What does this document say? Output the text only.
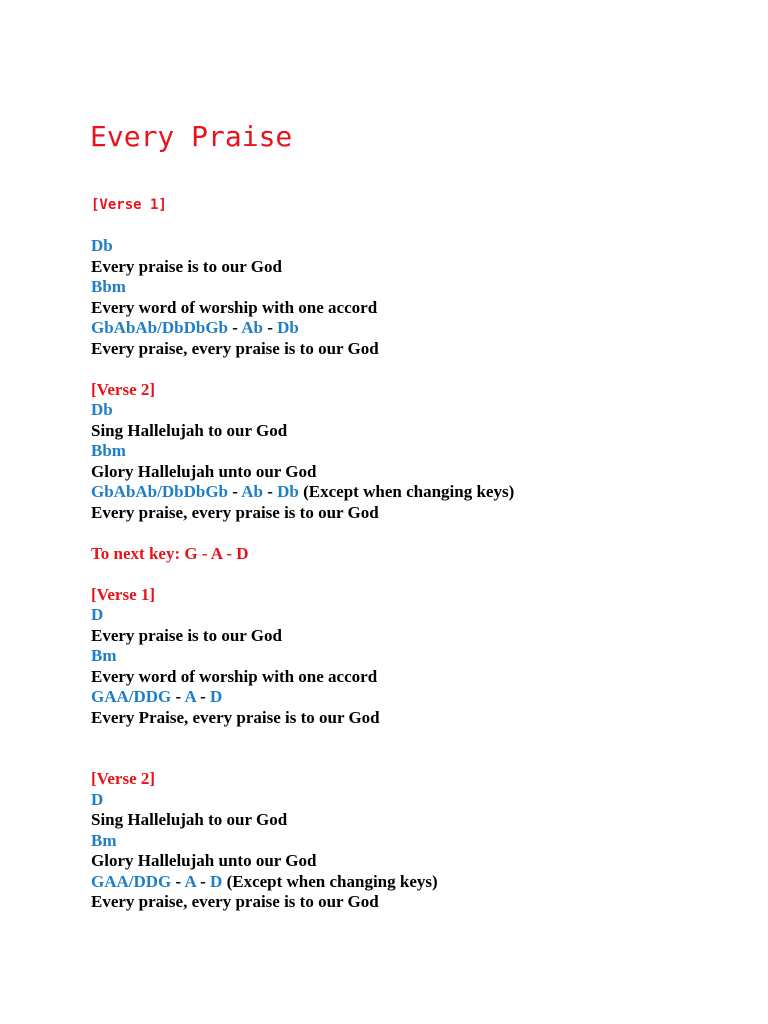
Every Praise
[Verse 1]
Db
Every praise is to our God
Bbm
Every word of worship with one accord
GbAbAb/DbDbGb - Ab - Db
Every praise, every praise is to our God
[Verse 2]
Db
Sing Hallelujah to our God
Bbm
Glory Hallelujah unto our God
GbAbAb/DbDbGb - Ab - Db (Except when changing keys)
Every praise, every praise is to our God
To next key: G - A - D
[Verse 1]
D
Every praise is to our God
Bm
Every word of worship with one accord
GAA/DDG - A - D
Every Praise, every praise is to our God
[Verse 2]
D
Sing Hallelujah to our God
Bm
Glory Hallelujah unto our God
GAA/DDG - A - D (Except when changing keys)
Every praise, every praise is to our God
